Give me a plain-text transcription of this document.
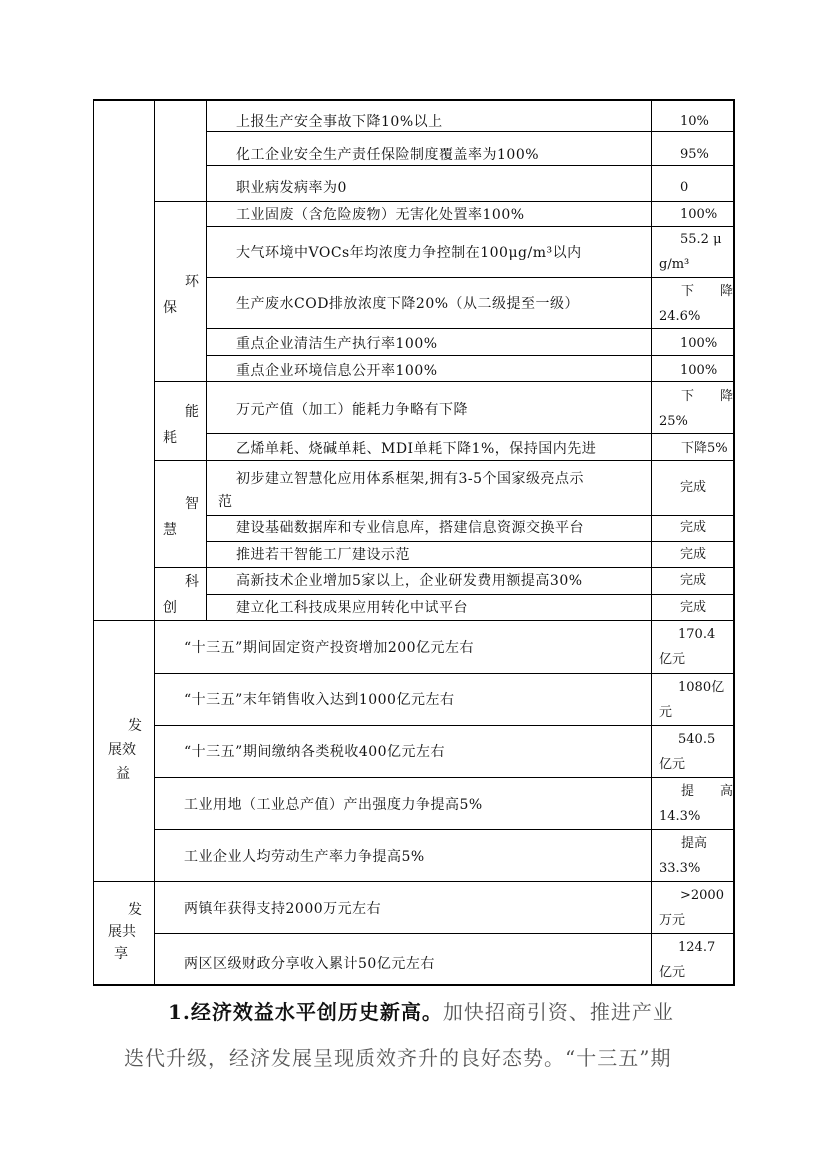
环
保
能
耗
智
慧
科
创
发
展效
益
发
展共
享
上报生产安全事故下降10%以上
化工企业安全生产责任保险制度覆盖率为100%
职业病发病率为0
工业固废（含危险废物）无害化处置率100%
大气环境中VOCs年均浓度力争控制在100μg/m³以内
生产废水COD排放浓度下降20%（从二级提至一级）
重点企业清洁生产执行率100%
重点企业环境信息公开率100%
万元产值（加工）能耗力争略有下降
乙烯单耗、烧碱单耗、MDI单耗下降1%，保持国内先进
初步建立智慧化应用体系框架,拥有3-5个国家级亮点示
范
建设基础数据库和专业信息库，搭建信息资源交换平台
推进若干智能工厂建设示范
高新技术企业增加5家以上，企业研发费用额提高30%
建立化工科技成果应用转化中试平台
“十三五”期间固定资产投资增加200亿元左右
“十三五”末年销售收入达到1000亿元左右
“十三五”期间缴纳各类税收400亿元左右
工业用地（工业总产值）产出强度力争提高5%
工业企业人均劳动生产率力争提高5%
两镇年获得支持2000万元左右
两区区级财政分享收入累计50亿元左右
10%
95%
0
100%
55.2 μ
g/m³
下　　降
24.6%
100%
100%
下　　降
25%
下降5%
完成
完成
完成
完成
完成
170.4
亿元
1080亿
元
540.5
亿元
提　　高
14.3%
提高
33.3%
>2000
万元
124.7
亿元
1.经济效益水平创历史新高。加快招商引资、推进产业
迭代升级，经济发展呈现质效齐升的良好态势。“十三五”期
